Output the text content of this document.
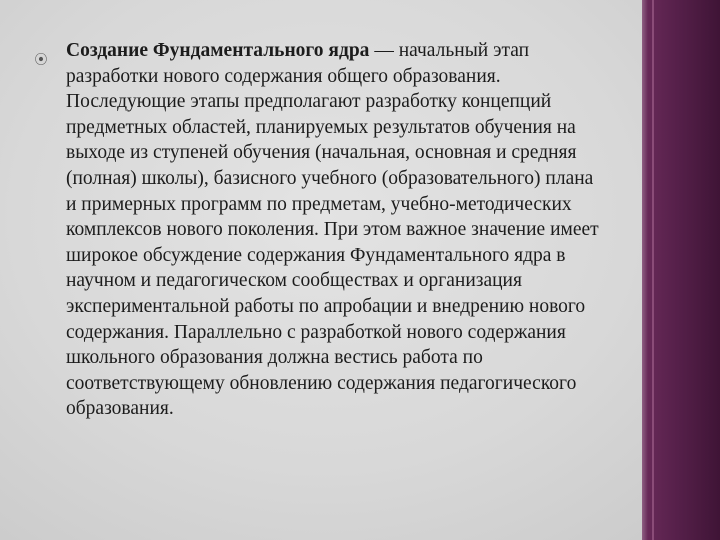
⦿ Создание Фундаментального ядра — начальный этап
разработки нового содержания общего образования.
Последующие этапы предполагают разработку концепций
предметных областей, планируемых результатов обучения на
выходе из ступеней обучения (начальная, основная и средняя
(полная) школы), базисного учебного (образовательного) плана
и примерных программ по предметам, учебно-методических
комплексов нового поколения. При этом важное значение имеет
широкое обсуждение содержания Фундаментального ядра в
научном и педагогическом сообществах и организация
экспериментальной работы по апробации и внедрению нового
содержания. Параллельно с разработкой нового содержания
школьного образования должна вестись работа по
соответствующему обновлению содержания педагогического
образования.
